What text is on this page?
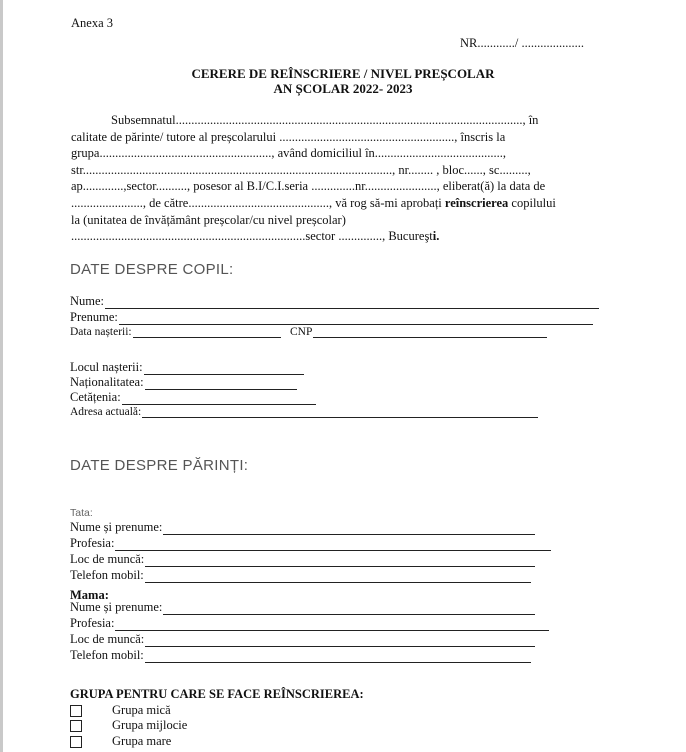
Anexa 3
NR............/ ....................
CERERE DE REÎNSCRIERE / NIVEL PREȘCOLAR
AN ȘCOLAR 2022- 2023
Subsemnatul..............................................................................................................., în
calitate de părinte/ tutore al preșcolarului ........................................................, înscris la
grupa......................................................., având domiciliul în.........................................,
str..................................................................................................., nr........ , bloc......, sc.........,
ap.............,sector.........., posesor al B.I/C.I.seria ..............nr......................., eliberat(ă) la data de
......................., de către............................................., vă rog să-mi aprobați reînscrierea copilului
la (unitatea de învățământ preșcolar/cu nivel preșcolar)
...........................................................................sector .............., Bucureşti.
DATE DESPRE COPIL:
Nume:
Prenume:
Data nașterii:	CNP
Locul nașterii:
Naționalitatea:
Cetățenia:
Adresa actuală:
DATE DESPRE PĂRINȚI:
Tata:
Nume și prenume:
Profesia:
Loc de muncă:
Telefon mobil:
Mama:
Nume și prenume:
Profesia:
Loc de muncă:
Telefon mobil:
GRUPA PENTRU CARE SE FACE REÎNSCRIEREA:
Grupa mică
Grupa mijlocie
Grupa mare
